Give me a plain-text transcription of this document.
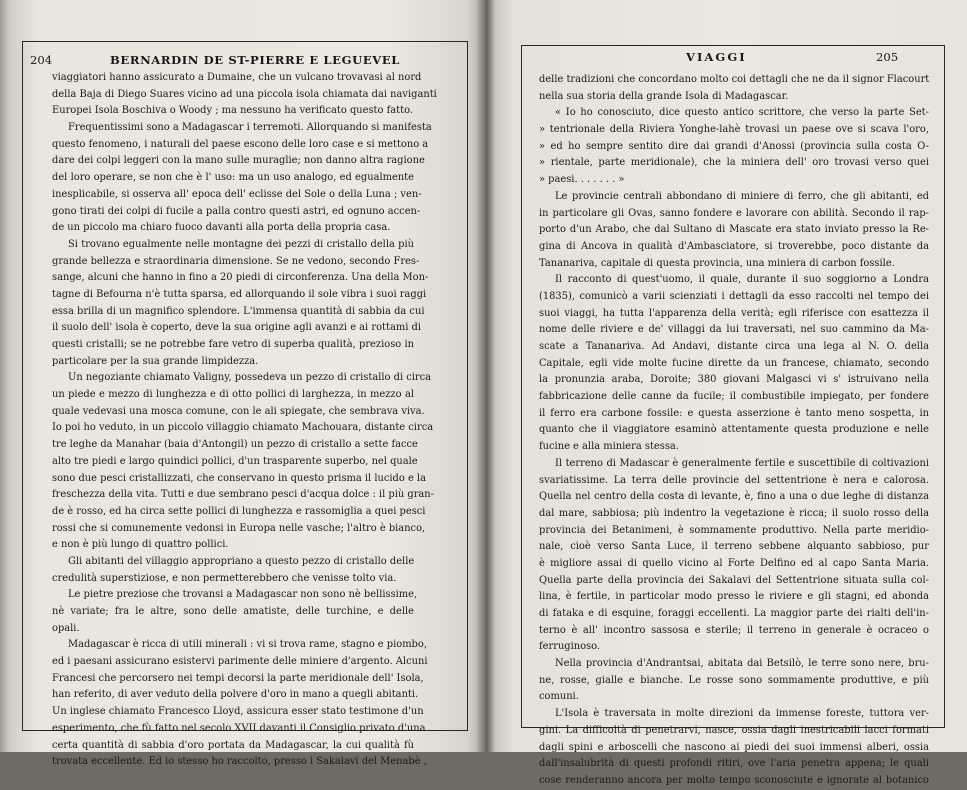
204	BERNARDIN DE ST-PIERRE E LEGUEVEL
viaggiatori hanno assicurato a Dumaine, che un vulcano trovavasi al nord
della Baja di Diego Suares vicino ad una piccola isola chiamata dai naviganti
Europei Isola Boschiva o Woody ; ma nessuno ha verificato questo fatto.
Frequentissimi sono a Madagascar i terremoti. Allorquando si manifesta
questo fenomeno, i naturali del paese escono delle loro case e si mettono a
dare dei colpi leggeri con la mano sulle muraglie; non danno altra ragione
del loro operare, se non che è l' uso: ma un uso analogo, ed egualmente
inesplicabile, si osserva all' epoca dell' eclisse del Sole o della Luna ; ven-
gono tirati dei colpi di fucile a palla contro questi astri, ed ognuno accen-
de un piccolo ma chiaro fuoco davanti alla porta della propria casa.
Si trovano egualmente nelle montagne dei pezzi di cristallo della più
grande bellezza e straordinaria dimensione. Se ne vedono, secondo Fres-
sange, alcuni che hanno in fino a 20 piedi di circonferenza. Una della Mon-
tagne di Befourna n'è tutta sparsa, ed allorquando il sole vibra i suoi raggi
essa brilla di un magnifico splendore. L'immensa quantità di sabbia da cui
il suolo dell' isola è coperto, deve la sua origine agli avanzi e ai rottami di
questi cristalli; se ne potrebbe fare vetro di superba qualità, prezioso in
particolare per la sua grande limpidezza.
Un negoziante chiamato Valigny, possedeva un pezzo di cristallo di circa
un piede e mezzo di lunghezza e di otto pollici di larghezza, in mezzo al
quale vedevasi una mosca comune, con le ali spiegate, che sembrava viva.
Io poi ho veduto, in un piccolo villaggio chiamato Machouara, distante circa
tre leghe da Manahar (baia d'Antongil) un pezzo di cristallo a sette facce
alto tre piedi e largo quindici pollici, d'un trasparente superbo, nel quale
sono due pesci cristallizzati, che conservano in questo prisma il lucido e la
freschezza della vita. Tutti e due sembrano pesci d'acqua dolce : il più gran-
de è rosso, ed ha circa sette pollici di lunghezza e rassomiglia a quei pesci
rossi che si comunemente vedonsi in Europa nelle vasche; l'altro è bianco,
e non è più lungo di quattro pollici.
Gli abitanti del villaggio appropriano a questo pezzo di cristallo delle
credulità superstiziose, e non permetterebbero che venisse tolto via.
Le pietre preziose che trovansi a Madagascar non sono nè bellissime,
nè variate; fra le altre, sono delle amatiste, delle turchine, e delle
opali.
Madagascar è ricca di utili minerali : vi si trova rame, stagno e piombo,
ed i paesani assicurano esistervi parimente delle miniere d'argento. Alcuni
Francesi che percorsero nei tempi decorsi la parte meridionale dell' Isola,
han referito, di aver veduto della polvere d'oro in mano a quegli abitanti.
Un inglese chiamato Francesco Lloyd, assicura esser stato testimone d'un
esperimento, che fù fatto nel secolo XVII davanti il Consiglio privato d'una
certa quantità di sabbia d'oro portata da Madagascar, la cui qualità fù
trovata eccellente. Ed io stesso ho raccolto, presso i Sakalavi del Menabè ,
VIAGGI	205
delle tradizioni che concordano molto coi dettagli che ne da il signor Flacourt
nella sua storia della grande Isola di Madagascar.
« Io ho conosciuto, dice questo antico scrittore, che verso la parte Set-
» tentrionale della Riviera Yonghe-lahè trovasi un paese ove si scava l'oro,
» ed ho sempre sentito dire dai grandi d'Anossi (provincia sulla costa O-
» rientale, parte meridionale), che la miniera dell' oro trovasi verso quei
» paesi. . . . . . . »
Le provincie centrali abbondano di miniere di ferro, che gli abitanti, ed
in particolare gli Ovas, sanno fondere e lavorare con abilità. Secondo il rap-
porto d'un Arabo, che dal Sultano di Mascate era stato inviato presso la Re-
gina di Ancova in qualità d'Ambasciatore, si troverebbe, poco distante da
Tananariva, capitale di questa provincia, una miniera di carbon fossile.
Il racconto di quest'uomo, il quale, durante il suo soggiorno a Londra
(1835), comunicò a varii scienziati i dettagli da esso raccolti nel tempo dei
suoi viaggi, ha tutta l'apparenza della verità; egli riferisce con esattezza il
nome delle riviere e de' villaggi da lui traversati, nel suo cammino da Ma-
scate a Tananariva. Ad Andavi, distante circa una lega al N. O. della
Capitale, egli vide molte fucine dirette da un francese, chiamato, secondo
la pronunzia araba, Doroite; 380 giovani Malgasci vi s' istruivano nella
fabbricazione delle canne da fucile; il combustibile impiegato, per fondere
il ferro era carbone fossile: e questa asserzione è tanto meno sospetta, in
quanto che il viaggiatore esaminò attentamente questa produzione e nelle
fucine e alla miniera stessa.
Il terreno di Madascar è generalmente fertile e suscettibile di coltivazioni
svariatissime. La terra delle provincie del settentrione è nera e calorosa.
Quella nel centro della costa di levante, è, fino a una o due leghe di distanza
dal mare, sabbiosa; più indentro la vegetazione è ricca; il suolo rosso della
provincia dei Betanimeni, è sommamente produttivo. Nella parte meridio-
nale, cioè verso Santa Luce, il terreno sebbene alquanto sabbioso, pur
è migliore assai di quello vicino al Forte Delfino ed al capo Santa Maria.
Quella parte della provincia dei Sakalavi del Settentrione situata sulla col-
lina, è fertile, in particolar modo presso le riviere e gli stagni, ed abonda
di fataka e di esquine, foraggi eccellenti. La maggior parte dei rialti dell'in-
terno è all' incontro sassosa e sterile; il terreno in generale è ocraceo o
ferruginoso.
Nella provincia d'Andrantsai, abitata dai Betsilò, le terre sono nere, bru-
ne, rosse, gialle e bianche. Le rosse sono sommamente produttive, e più
comuni.
L'Isola è traversata in molte direzioni da immense foreste, tuttora ver-
gini. La difficoltà di penetrarvi, nasce, ossia dagli inestricabili lacci formati
dagli spini e arboscelli che nascono ai piedi dei suoi immensi alberi, ossia
dall'insalubrità di questi profondi ritiri, ove l'aria penetra appena; le quali
cose renderanno ancora per molto tempo sconosciute e ignorate al botanico
